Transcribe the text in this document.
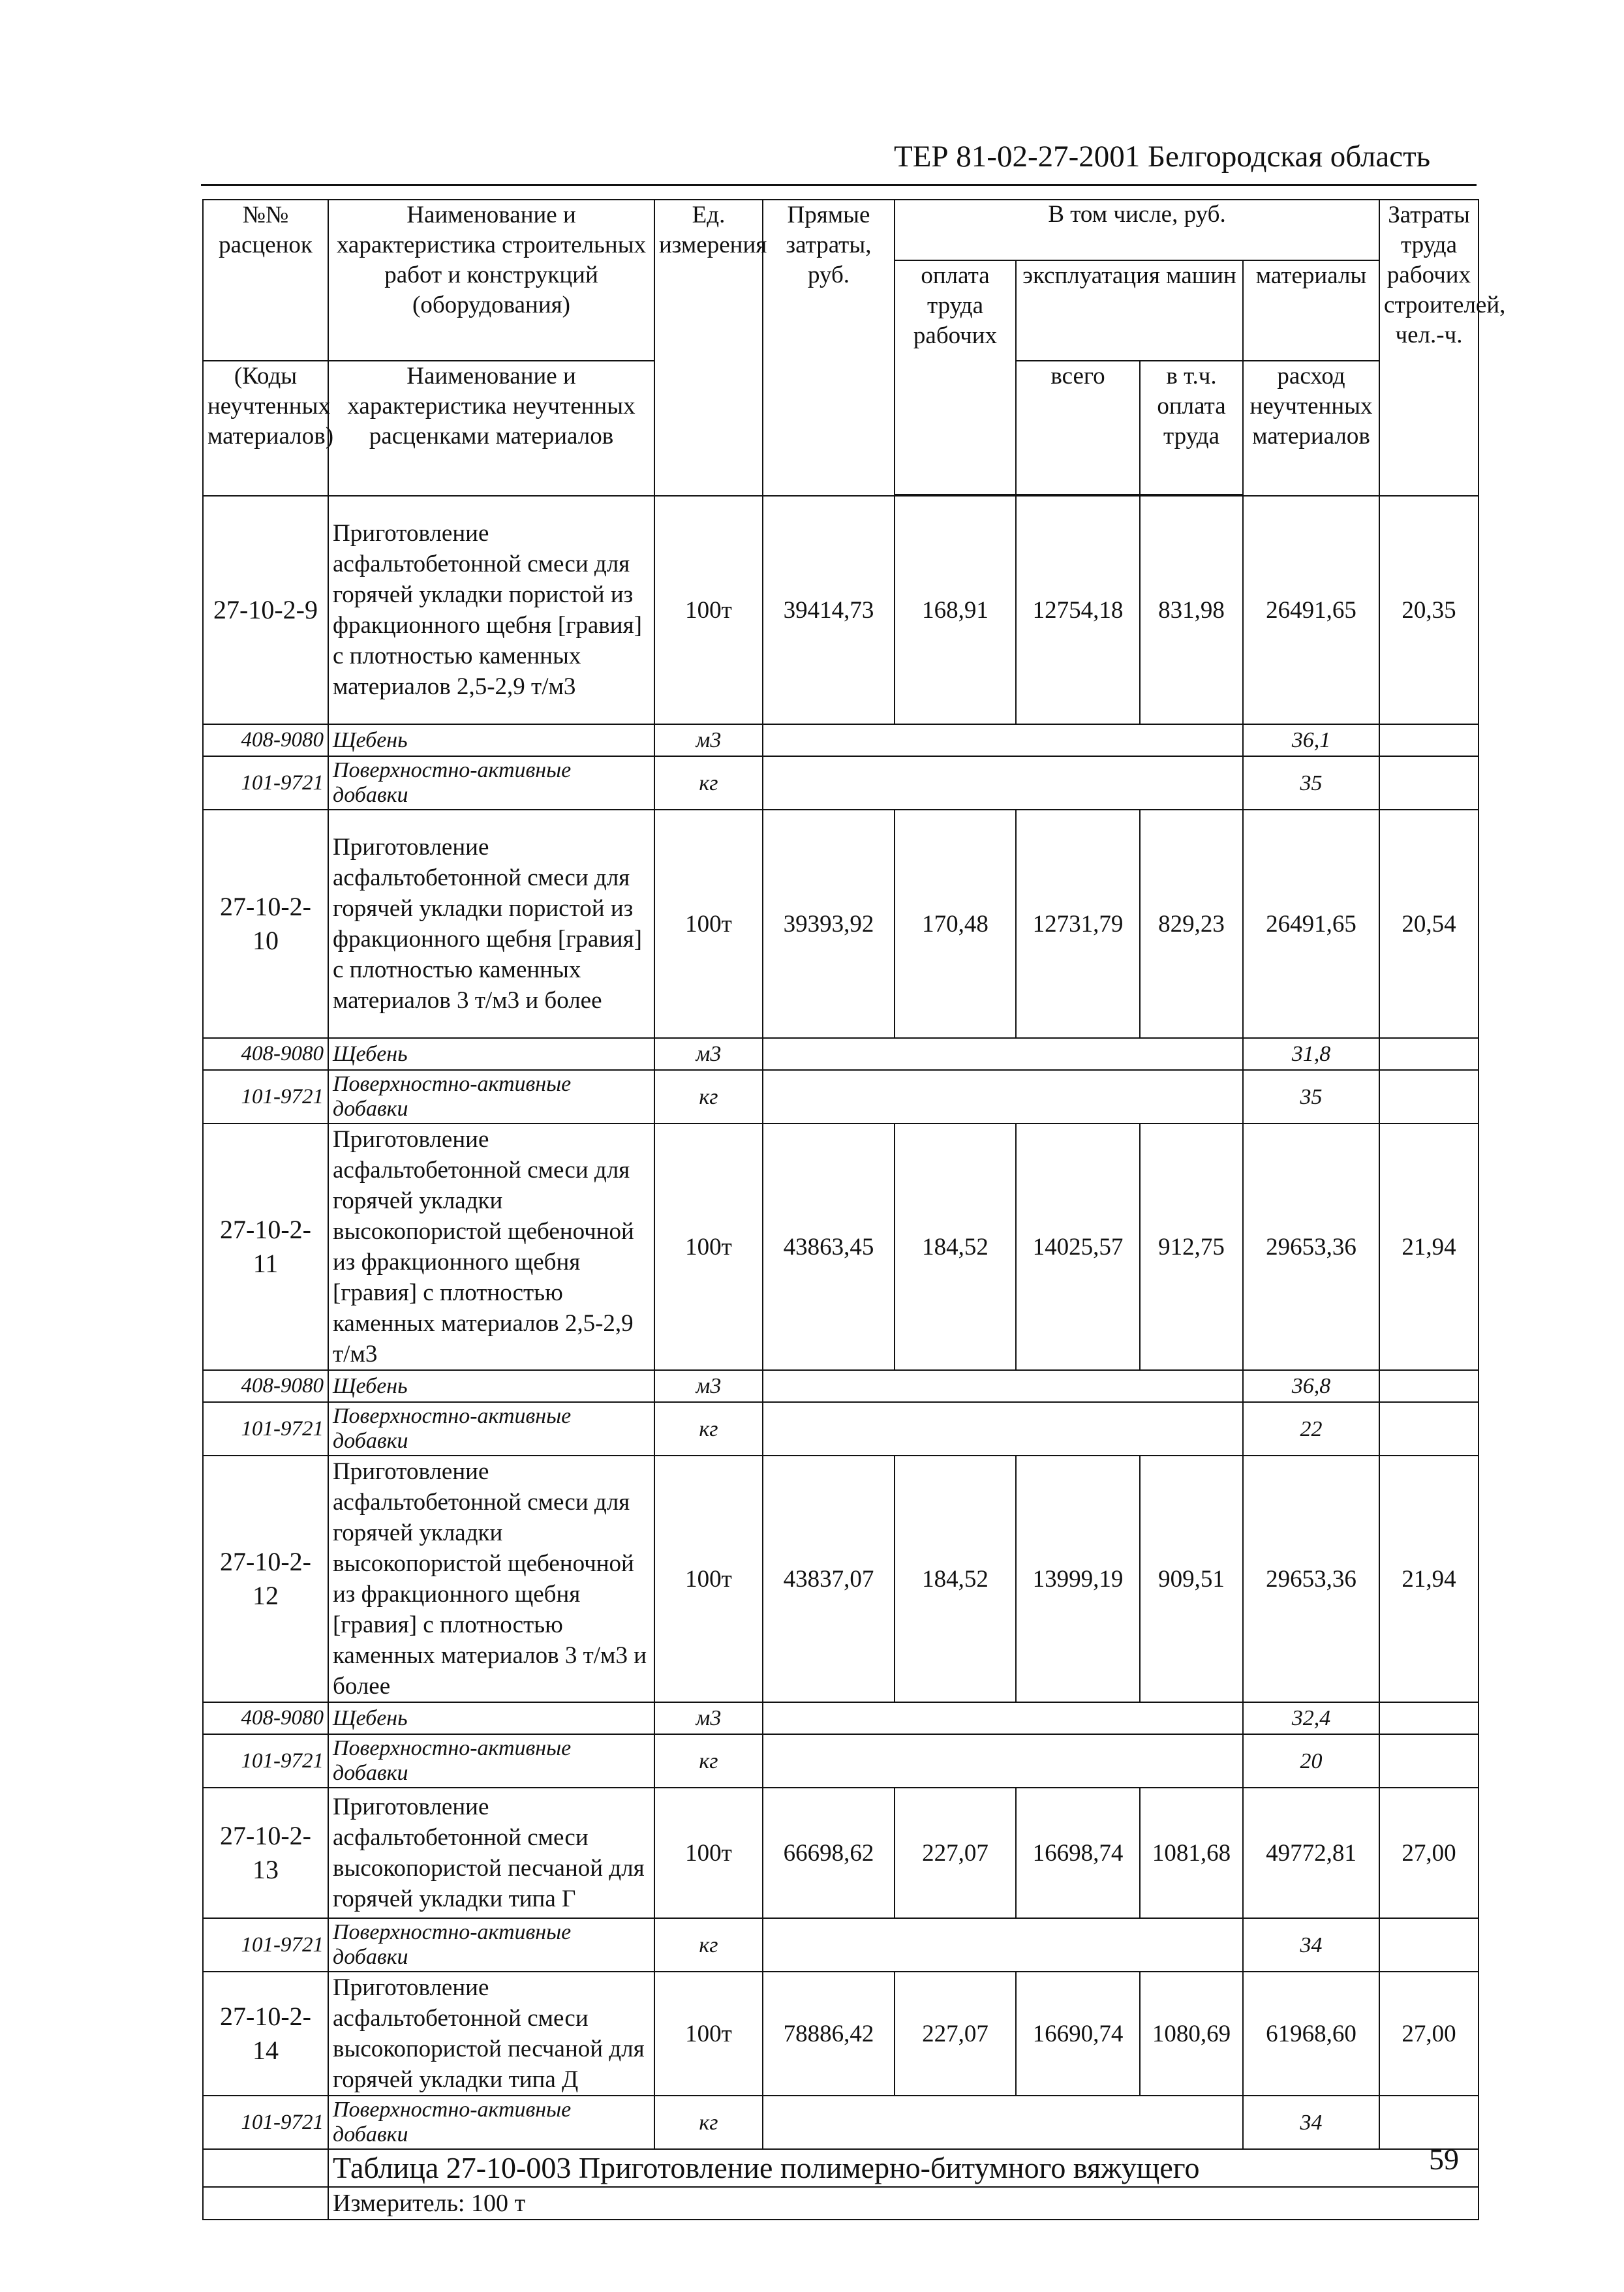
ТЕР 81-02-27-2001 Белгородская область
№№ расценок	Наименование и характеристика строительных работ и конструкций (оборудования)	Ед. измерения	Прямые затраты, руб.	В том числе, руб.				Затраты труда рабочих строителей, чел.-ч.
				оплата труда рабочих	эксплуатация машин		материалы	
(Коды неучтенных материалов)	Наименование и характеристика неучтенных расценками материалов				всего	в т.ч. оплата труда	расход неучтенных материалов	

27-10-2-9	Приготовление асфальтобетонной смеси для горячей укладки пористой из фракционного щебня [гравия] с плотностью каменных материалов 2,5-2,9 т/м3	100т	39414,73	168,91	12754,18	831,98	26491,65	20,35
408-9080	Щебень	м3					36,1	
101-9721	Поверхностно-активные добавки	кг					35	
27-10-2-10	Приготовление асфальтобетонной смеси для горячей укладки пористой из фракционного щебня [гравия] с плотностью каменных материалов 3 т/м3 и более	100т	39393,92	170,48	12731,79	829,23	26491,65	20,54
408-9080	Щебень	м3					31,8	
101-9721	Поверхностно-активные добавки	кг					35	
27-10-2-11	Приготовление асфальтобетонной смеси для горячей укладки высокопористой щебеночной из фракционного щебня [гравия] с плотностью каменных материалов 2,5-2,9 т/м3	100т	43863,45	184,52	14025,57	912,75	29653,36	21,94
408-9080	Щебень	м3					36,8	
101-9721	Поверхностно-активные добавки	кг					22	
27-10-2-12	Приготовление асфальтобетонной смеси для горячей укладки высокопористой щебеночной из фракционного щебня [гравия] с плотностью каменных материалов 3 т/м3 и более	100т	43837,07	184,52	13999,19	909,51	29653,36	21,94
408-9080	Щебень	м3					32,4	
101-9721	Поверхностно-активные добавки	кг					20	
27-10-2-13	Приготовление асфальтобетонной смеси высокопористой песчаной для горячей укладки типа Г	100т	66698,62	227,07	16698,74	1081,68	49772,81	27,00
101-9721	Поверхностно-активные добавки	кг					34	
27-10-2-14	Приготовление асфальтобетонной смеси высокопористой песчаной для горячей укладки типа Д	100т	78886,42	227,07	16690,74	1080,69	61968,60	27,00
101-9721	Поверхностно-активные добавки	кг					34	
	Таблица 27-10-003 Приготовление полимерно-битумного вяжущего							
	Измеритель: 100 т							
59
